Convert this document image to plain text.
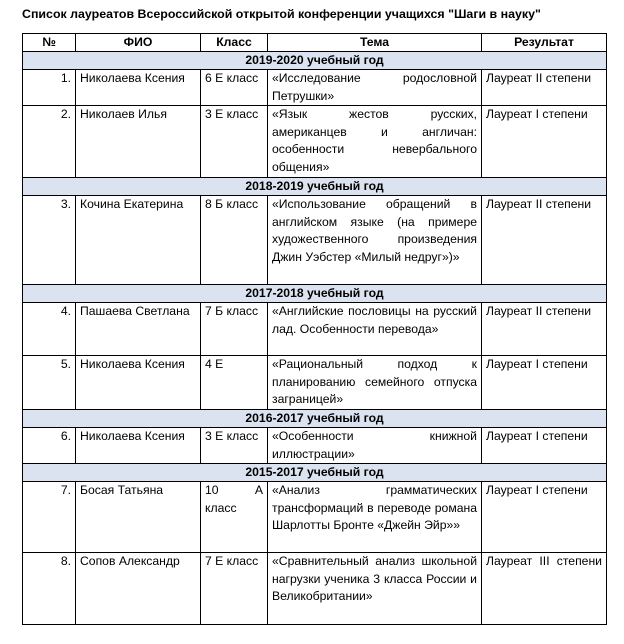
Список лауреатов Всероссийской открытой конференции учащихся "Шаги в науку"
№	ФИО	Класс	Тема	Результат
2019-2020 учебный год				
1.	Николаева Ксения	6 Е класс	«Исследование родословной Петрушки»	Лауреат II степени
2.	Николаев Илья	3 Е класс	«Язык жестов русских, американцев и англичан: особенности невербального общения»	Лауреат I степени
2018-2019 учебный год				
3.	Кочина Екатерина	8 Б класс	«Использование обращений в английском языке (на примере художественного произведения Джин Уэбстер «Милый недруг»)»	Лауреат II степени
2017-2018 учебный год				
4.	Пашаева Светлана	7 Б класс	«Английские пословицы на русский лад. Особенности перевода»	Лауреат II степени
5.	Николаева Ксения	4 Е	«Рациональный подход к планированию семейного отпуска заграницей»	Лауреат I степени
2016-2017 учебный год				
6.	Николаева Ксения	3 Е класс	«Особенности книжной иллюстрации»	Лауреат I степени
2015-2017 учебный год				
7.	Босая Татьяна	10 А класс	«Анализ грамматических трансформаций в переводе романа Шарлотты Бронте «Джейн Эйр»»	Лауреат I степени
8.	Сопов Александр	7 Е класс	«Сравнительный анализ школьной нагрузки ученика 3 класса России и Великобритании»	Лауреат III степени
